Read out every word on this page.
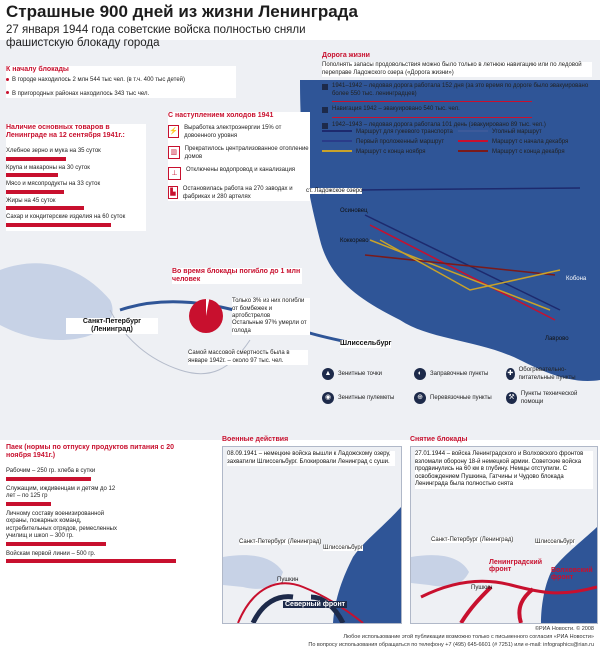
Страшные 900 дней из жизни Ленинграда
27 января 1944 года советские войска полностью сняли фашистскую блокаду города
К началу блокады
В городе находилось 2 млн 544 тыс чел. (в т.ч. 400 тыс детей)
В пригородных районах находилось 343 тыс чел.
Наличие основных товаров в Ленинграде на 12 сентября 1941г.:
Хлебное зерно и мука на 35 суток
Крупа и макароны на 30 суток
Мясо и мясопродукты на 33 суток
Жиры на 45 суток
Сахар и кондитерские изделия на 60 суток
С наступлением холодов 1941
⚡ Выработка электроэнергии 15% от довоенного уровня
▥	Прекратилось централизованное отопление домов
⊥	Отключены водопровод и канализация
▙	Остановилась работа на 270 заводах и фабриках и 280 артелях
Во время блокады погибло до 1 млн человек
Только 3% из них погибли от бомбежек и артобстрелов
Остальные 97% умерли от голода
Самой массовой смертность была в январе 1942г. – около 97 тыс. чел.
Дорога жизни
Пополнять запасы продовольствия можно было только в летнюю навигацию или по ледовой переправе Ладожского озера («Дорога жизни»)
1941–1942 – ледовая дорога работала 152 дня (за это время по дороге было эвакуировано более 550 тыс. ленинградцев)
Навигация 1942 – эвакуировано 540 тыс. чел.
1942–1943 – ледовая дорога работала 101 день (эвакуировано 89 тыс. чел.)
Маршрут для гужевого транспорта	Уголный маршрут
Первый проложенный маршрут	Маршрут с начала декабря
Маршрут с конца ноября	Маршрут с конца декабря
Санкт-Петербург (Ленинград)
Шлиссельбург
Кобона
Лаврово
ст. Ладожское озеро
Осиновец
Коккорево
▲	Зенитные точки	◐	Заправочные пункты	✚ Обогревательно-питательные пункты
◉	Зенитные пулеметы	⊕	Перевязочные пункты	⚒	Пункты технической помощи
Паек (нормы по отпуску продуктов питания с 20 ноября 1941г.)
Рабочим – 250 гр. хлеба в сутки
Служащим, иждивенцам и детям до 12 лет – по 125 гр
Личному составу военизированной охраны, пожарных команд, истребительных отрядов, ремесленных училищ и школ – 300 гр.
Войскам первой линии – 500 гр.
Военные действия
08.09.1941 – немецкие войска вышли к Ладожскому озеру, захватили Шлиссельбург. Блокировали Ленинград с суши.
Санкт-Петербург (Ленинград)
Шлиссельбург
Пушкин
Северный фронт
Снятие блокады
27.01.1944 – войска Ленинградского и Волховского фронтов взломали оборону 18-й немецкой армии. Советские войска продвинулись на 60 км в глубину. Немцы отступили. С освобождением Пушкина, Гатчины и Чудово блокада Ленинграда была полностью снята
Санкт-Петербург (Ленинград)	Шлиссельбург
Пушкин
Ленинградский фронт	Волховский фронт
©РИА Новости. © 2008
Любое использование этой публикации возможно только с письменного согласия «РИА Новости»
По вопросу использования обращаться по телефону +7 (495) 645-6601 (# 7251) или e-mail: infographics@rian.ru
